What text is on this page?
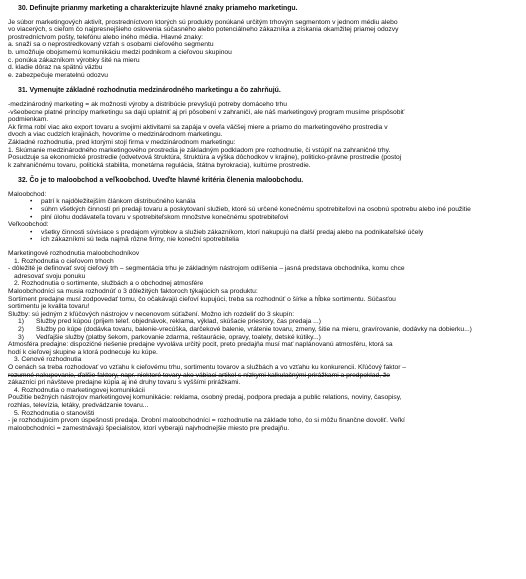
30. Definujte prianmy marketing a charakterizujte hlavné znaky priameho marketingu.
Je súbor marketingových aktivít, prostredníctvom ktorých sú produkty ponúkané určitým trhovým segmentom v jednom médiu alebo
vo viacerých, s cieľom čo najpresnejšieho oslovenia súčasného alebo potenciálneho zákazníka a získania okamžitej priamej odozvy
prostredníctvom pošty, telefónu alebo iného média. Hlavné znaky:
a. snaží sa o neprostredkovaný vzťah s osobami cieľového segmentu
b. umožňuje obojsmernú komunikáciu medzi podnikom a cieľovou skupinou
c. ponúka zákazníkom výrobky šité na mieru
d. kladie dôraz na spätnú väzbu
e. zabezpečuje meratelnú odozvu
31. Vymenujte základné rozhodnutia medzinárodného marketingu a čo zahrňujú.
-medzinárodný marketing = ak možnosti výroby a distribúcie prevyšujú potreby domáceho trhu
-všeobecne platné princípy marketingu sa dajú uplatniť aj pri pôsobení v zahraničí, ale náš marketingový program musíme prispôsobiť
podmienkam.
Ak firma robí viac ako export tovaru a svojimi aktivitami sa zapája v oveľa väčšej miere a priamo do marketingového prostredia v
dvoch a viac cudzích krajinách, hovoríme o medzinárodnom marketingu.
Základné rozhodnutia, pred ktorými stojí firma v medzinárodnom marketingu:
1. Skúmanie medzinárodného marketingového prostredia je základným podkladom pre rozhodnutie, či vstúpiť na zahraničné trhy.
Posudzuje sa ekonomické prostredie (odvetvová štruktúra, štruktúra a výška dôchodkov v krajine), politicko-právne prostredie (postoj
k zahraničnému tovaru, politická stabilita, monetárna regulácia, štátna byrokracia), kultúrne prostredie.
32. Čo je to maloobchod a veľkoobchod. Uveďte hlavné kritéria členenia maloobchodu.
Maloobchod:
• patrí k najdôležitejším článkom distribučného kanála
• súhrn všetkých činností pri predaji tovaru a poskytovaní služieb, ktoré sú určené konečnému spotrebiteľovi na osobnú spotrebu alebo iné použitie
• plní úlohu dodávateľa tovaru v spotrebiteľskom množstve konečnému spotrebiteľovi
Veľkoobchod:
• všetky činnosti súvisiace s predajom výrobkov a služieb zákazníkom, ktorí nakupujú na ďalší predaj alebo na podnikateľské účely
• ich zákazníkmi sú teda najmä rôzne firmy, nie koneční spotrebitelia
Marketingové rozhodnutia maloobchodníkov
1. Rozhodnutia o cieľovom trhoch
- dôležité je definovať svoj cieľový trh – segmentácia trhu je základným nástrojom odlíšenia – jasná predstava obchodníka, komu chce
adresovať svoju ponuku
2. Rozhodnutia o sortimente, službách a o obchodnej atmosfére
Maloobchodníci sa musia rozhodnúť o 3 dôležitých faktoroch týkajúcich sa produktu:
Sortiment predajne musí zodpovedať tomu, čo očakávajú cieľoví kupujúci, treba sa rozhodnúť o šírke a hĺbke sortimentu. Súčasťou
sortimentu je kvalita tovaru!
Služby: sú jedným z kľúčových nástrojov v necenovom súťažení. Možno ich rozdeliť do 3 skupín:
1) Služby pred kúpou (prijem telef. objednávok, reklama, výklad, skúšacie priestory, čas predaja ...)
2) Služby po kúpe (dodávka tovaru, balenie-vrecúška, darčekové balenie, vrátenie tovaru, zmeny, šitie na mieru, gravírovanie, dodávky na dobierku...)
3) Vedľajšie služby (platby šekom, parkovanie zdarma, reštaurácie, opravy, toalety, detské kútiky...)
Atmosféra predajne: dispozičné riešenie predajne vyvoláva určitý pocit, preto predajňa musí mať naplánovanú atmosféru, ktorá sa
hodí k cieľovej skupine a ktorá podnecuje ku kúpe.
3. Cenové rozhodnutia
O cenách sa treba rozhodovať vo vzťahu k cieľovému trhu, sortimentu tovarov a službách a vo vzťahu ku konkurencii. Kľúčový faktor –
rozumné nakupovanie, ďalšie faktory, napr. niektoré tovary ako vábiaci artikel s nízkymi kalkulačnými prirážkami a predpoklad, že
zákazníci pri návšteve predajne kúpia aj iné druhy tovaru s vyššími prirážkami.
4. Rozhodnutia o marketingovej komunikácii
Použitie bežných nástrojov marketingovej komunikácie: reklama, osobný predaj, podpora predaja a public relations, noviny, časopisy,
rozhlas, televízia, letáky, predvádzanie tovaru...
5. Rozhodnutia o stanovišti
- je rozhodujúcim prvom úspešnosti predaja. Drobní maloobchodníci = rozhodnutie na základe toho, čo si môžu finančne dovoliť. Veľkí
maloobchodníci = zamestnávajú špecialistov, ktorí vyberajú najvhodnejšie miesto pre predajňu.
